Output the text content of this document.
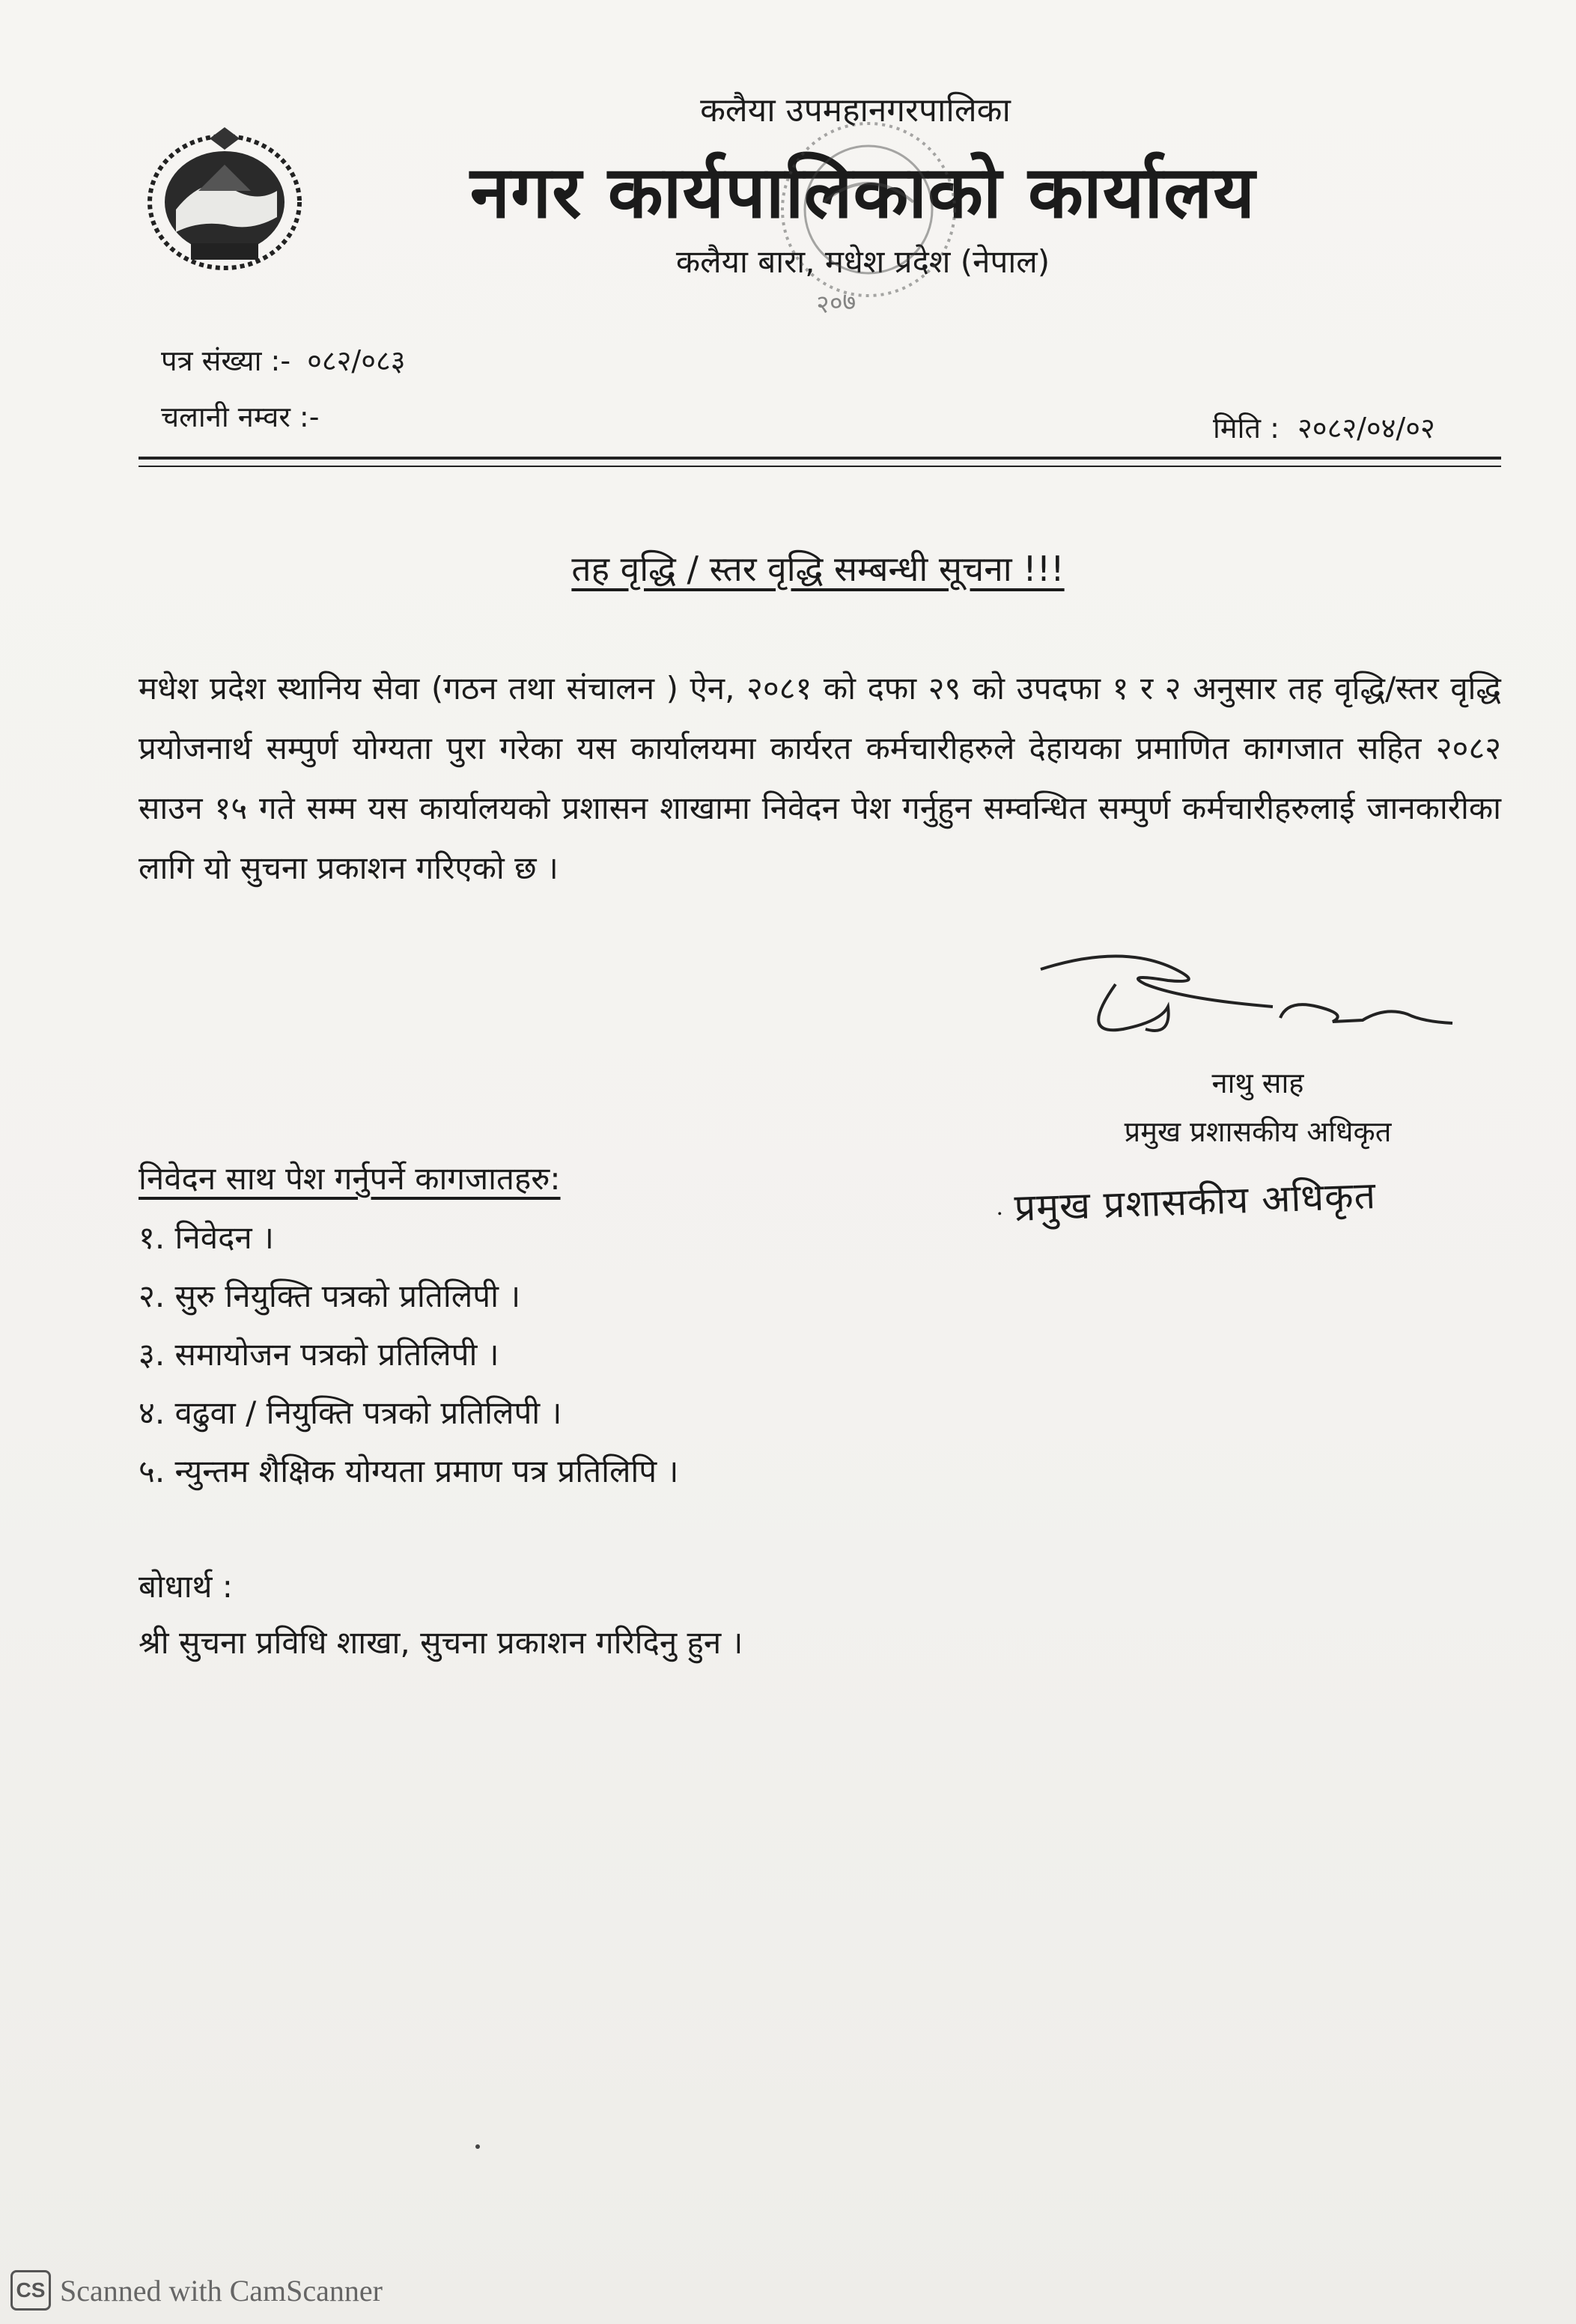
कलैया उपमहानगरपालिका
नगर कार्यपालिकाको कार्यालय
कलैया बारा, मधेश प्रदेश (नेपाल)
२०७
पत्र संख्या :- ०८२/०८३
चलानी नम्वर :-	मिति : २०८२/०४/०२
तह वृद्धि / स्तर वृद्धि सम्बन्धी सूचना !!!
मधेश प्रदेश स्थानिय सेवा (गठन तथा संचालन ) ऐन, २०८१ को दफा २९ को उपदफा १ र २ अनुसार तह वृद्धि/स्तर वृद्धि प्रयोजनार्थ सम्पुर्ण योग्यता पुरा गरेका यस कार्यालयमा कार्यरत कर्मचारीहरुले देहायका प्रमाणित कागजात सहित २०८२ साउन १५ गते सम्म यस कार्यालयको प्रशासन शाखामा निवेदन पेश गर्नुहुन सम्वन्धित सम्पुर्ण कर्मचारीहरुलाई जानकारीका लागि यो सुचना प्रकाशन गरिएको छ ।
नाथु साह
प्रमुख प्रशासकीय अधिकृत
· प्रमुख प्रशासकीय अधिकृत
निवेदन साथ पेश गर्नुपर्ने कागजातहरु:
१. निवेदन ।
२. सुरु नियुक्ति पत्रको प्रतिलिपी ।
३. समायोजन पत्रको प्रतिलिपी ।
४. वढुवा / नियुक्ति पत्रको प्रतिलिपी ।
५. न्युन्तम शैक्षिक योग्यता प्रमाण पत्र प्रतिलिपि ।
बोधार्थ :
श्री सुचना प्रविधि शाखा, सुचना प्रकाशन गरिदिनु हुन ।
CS Scanned with CamScanner
